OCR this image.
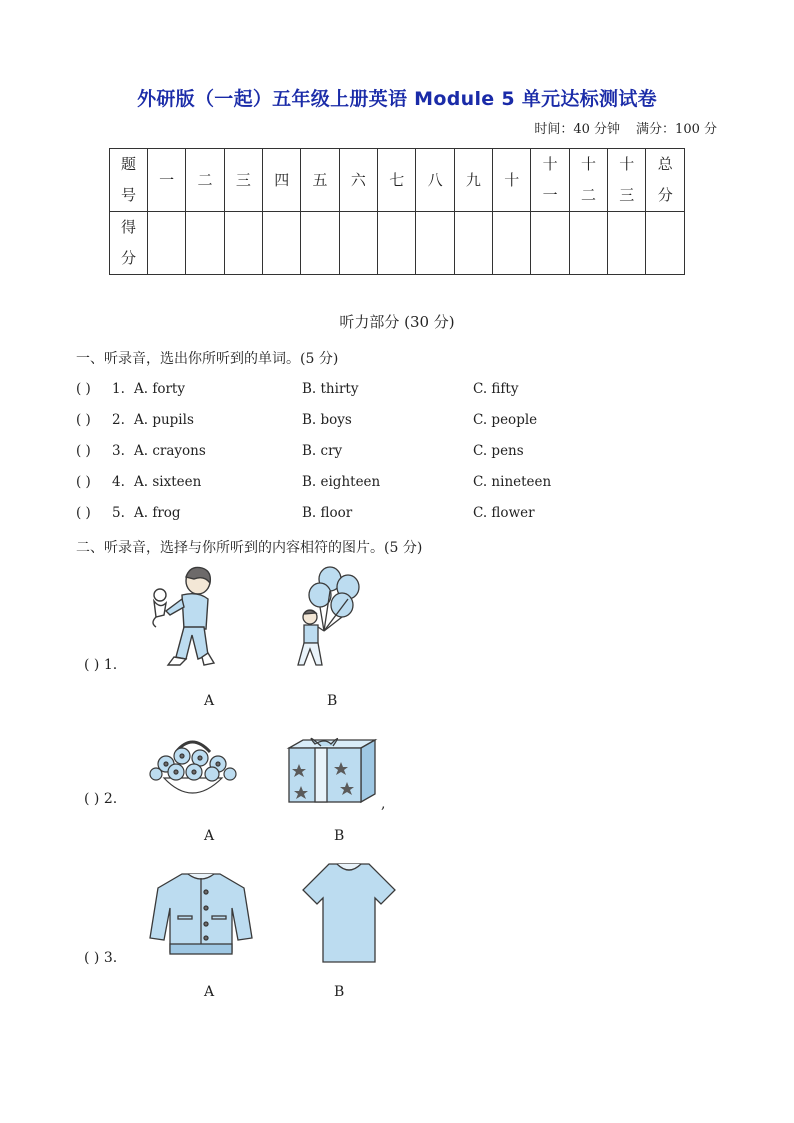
外研版（一起）五年级上册英语 Module 5 单元达标测试卷
时间：40 分钟 满分：100 分
题号	一	二	三	四	五	六	七	八	九	十	十一	十二	十三	总分
得分														
听力部分 (30 分)
一、听录音，选出你所听到的单词。(5 分)
( ) 1. A. forty	B. thirty	C. fifty
( ) 2. A. pupils	B. boys	C. people
( ) 3. A. crayons	B. cry	C. pens
( ) 4. A. sixteen	B. eighteen	C. nineteen
( ) 5. A. frog	B. floor	C. flower
二、听录音，选择与你所听到的内容相符的图片。(5 分)
( ) 1.
A	B
( ) 2.	,
A	B
( ) 3.
A	B
